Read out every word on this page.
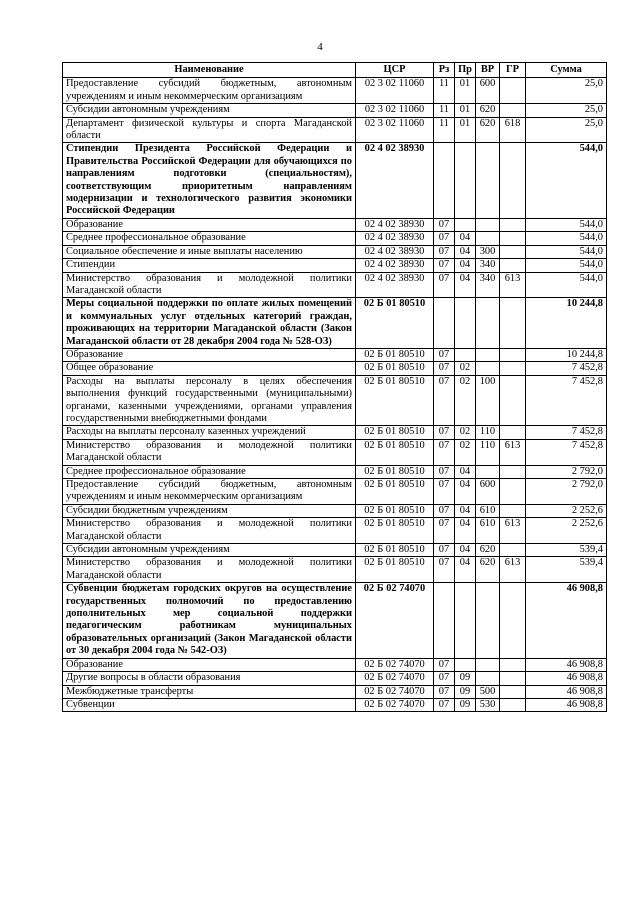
4
Наименование	ЦСР	Рз	Пр	ВР	ГР	Сумма
Предоставление субсидий бюджетным, автономным учреждениям и иным некоммерческим организациям	02 3 02 11060	11	01	600		25,0
Субсидии автономным учреждениям	02 3 02 11060	11	01	620		25,0
Департамент физической культуры и спорта Магаданской области	02 3 02 11060	11	01	620	618	25,0
Стипендии Президента Российской Федерации и Правительства Российской Федерации для обучающихся по направлениям подготовки (специальностям), соответствующим приоритетным направлениям модернизации и технологического развития экономики Российской Федерации	02 4 02 38930					544,0
Образование	02 4 02 38930	07				544,0
Среднее профессиональное образование	02 4 02 38930	07	04			544,0
Социальное обеспечение и иные выплаты населению	02 4 02 38930	07	04	300		544,0
Стипендии	02 4 02 38930	07	04	340		544,0
Министерство образования и молодежной политики Магаданской области	02 4 02 38930	07	04	340	613	544,0
Меры социальной поддержки по оплате жилых помещений и коммунальных услуг отдельных категорий граждан, проживающих на территории Магаданской области (Закон Магаданской области от 28 декабря 2004 года № 528-ОЗ)	02 Б 01 80510					10 244,8
Образование	02 Б 01 80510	07				10 244,8
Общее образование	02 Б 01 80510	07	02			7 452,8
Расходы на выплаты персоналу в целях обеспечения выполнения функций государственными (муниципальными) органами, казенными учреждениями, органами управления государственными внебюджетными фондами	02 Б 01 80510	07	02	100		7 452,8
Расходы на выплаты персоналу казенных учреждений	02 Б 01 80510	07	02	110		7 452,8
Министерство образования и молодежной политики Магаданской области	02 Б 01 80510	07	02	110	613	7 452,8
Среднее профессиональное образование	02 Б 01 80510	07	04			2 792,0
Предоставление субсидий бюджетным, автономным учреждениям и иным некоммерческим организациям	02 Б 01 80510	07	04	600		2 792,0
Субсидии бюджетным учреждениям	02 Б 01 80510	07	04	610		2 252,6
Министерство образования и молодежной политики Магаданской области	02 Б 01 80510	07	04	610	613	2 252,6
Субсидии автономным учреждениям	02 Б 01 80510	07	04	620		539,4
Министерство образования и молодежной политики Магаданской области	02 Б 01 80510	07	04	620	613	539,4
Субвенции бюджетам городских округов на осуществление государственных полномочий по предоставлению дополнительных мер социальной поддержки педагогическим работникам муниципальных образовательных организаций (Закон Магаданской области от 30 декабря 2004 года № 542-ОЗ)	02 Б 02 74070					46 908,8
Образование	02 Б 02 74070	07				46 908,8
Другие вопросы в области образования	02 Б 02 74070	07	09			46 908,8
Межбюджетные трансферты	02 Б 02 74070	07	09	500		46 908,8
Субвенции	02 Б 02 74070	07	09	530		46 908,8
